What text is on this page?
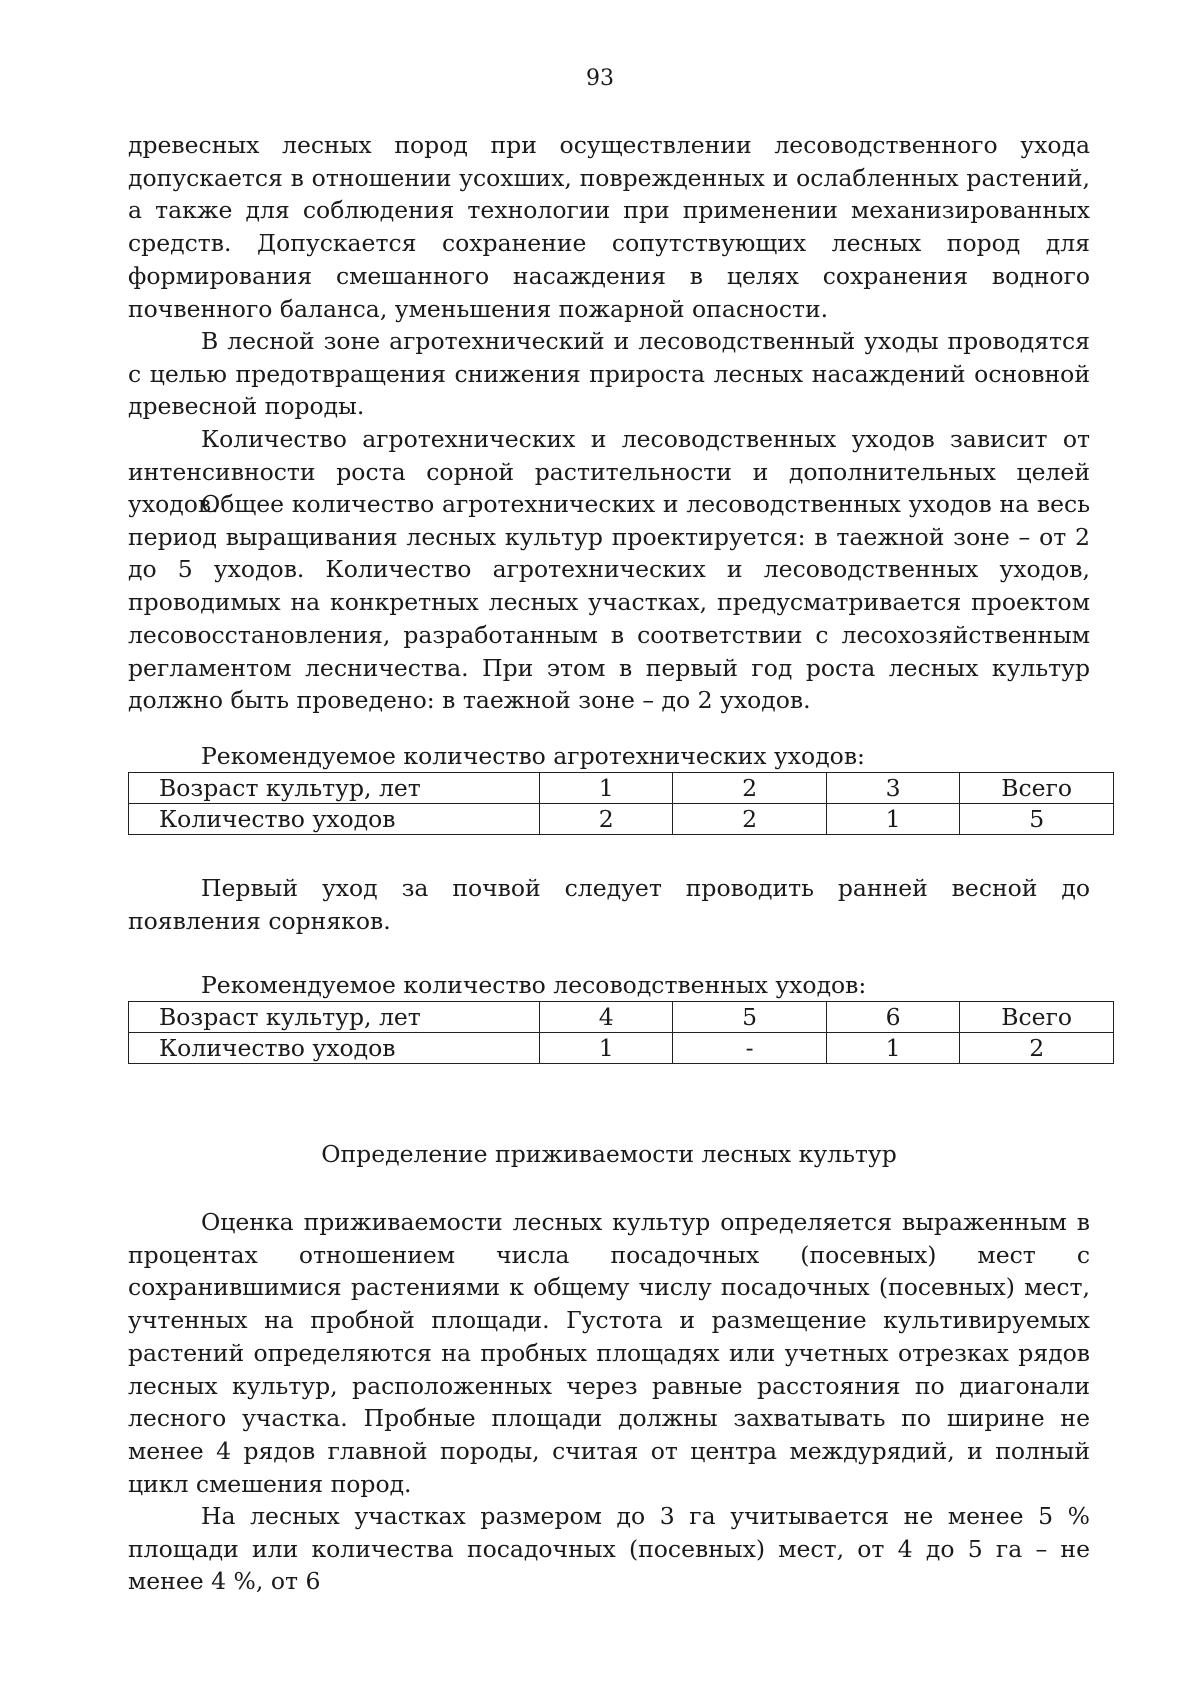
93

древесных лесных пород при осуществлении лесоводственного ухода допускается в отношении усохших, поврежденных и ослабленных растений, а также для соблюдения технологии при применении механизированных средств. Допускается сохранение сопутствующих лесных пород для формирования смешанного насаждения в целях сохранения водного почвенного баланса, уменьшения пожарной опасности.

В лесной зоне агротехнический и лесоводственный уходы проводятся с целью предотвращения снижения прироста лесных насаждений основной древесной породы.

Количество агротехнических и лесоводственных уходов зависит от интенсивности роста сорной растительности и дополнительных целей уходов.

Общее количество агротехнических и лесоводственных уходов на весь период выращивания лесных культур проектируется: в таежной зоне – от 2 до 5 уходов. Количество агротехнических и лесоводственных уходов, проводимых на конкретных лесных участках, предусматривается проектом лесовосстановления, разработанным в соответствии с лесохозяйственным регламентом лесничества. При этом в первый год роста лесных культур должно быть проведено: в таежной зоне – до 2 уходов.

Рекомендуемое количество агротехнических уходов:

Возраст культур, лет	1	2	3	Всего
Количество уходов	2	2	1	5

Первый уход за почвой следует проводить ранней весной до появления сорняков.

Рекомендуемое количество лесоводственных уходов:

Возраст культур, лет	4	5	6	Всего
Количество уходов	1	-	1	2
Определение приживаемости лесных культур

Оценка приживаемости лесных культур определяется выраженным в процентах отношением числа посадочных (посевных) мест с сохранившимися растениями к общему числу посадочных (посевных) мест, учтенных на пробной площади. Густота и размещение культивируемых растений определяются на пробных площадях или учетных отрезках рядов лесных культур, расположенных через равные расстояния по диагонали лесного участка. Пробные площади должны захватывать по ширине не менее 4 рядов главной породы, считая от центра междурядий, и полный цикл смешения пород.

На лесных участках размером до 3 га учитывается не менее 5 % площади или количества посадочных (посевных) мест, от 4 до 5 га – не менее 4 %, от 6
